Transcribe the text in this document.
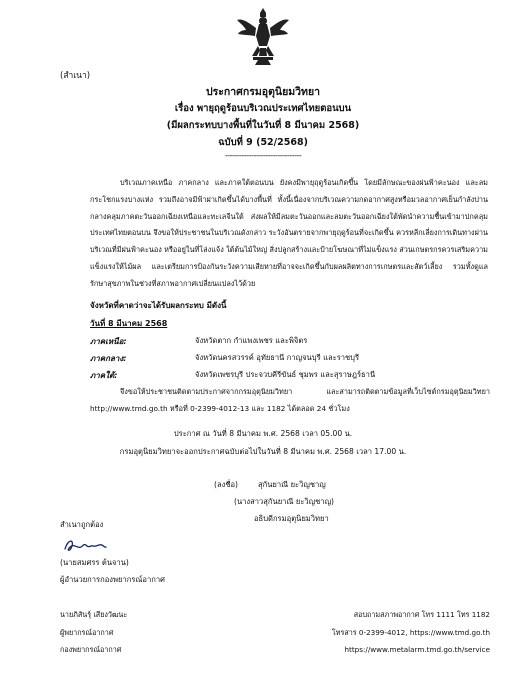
(สำเนา)
ประกาศกรมอุตุนิยมวิทยา
เรื่อง พายุฤดูร้อนบริเวณประเทศไทยตอนบน
(มีผลกระทบบางพื้นที่ในวันที่ 8 มีนาคม 2568)
ฉบับที่ 9 (52/2568)
--------------------------------
บริเวณภาคเหนือ ภาคกลาง และภาคใต้ตอนบน ยังคงมีพายุฤดูร้อนเกิดขึ้น โดยมีลักษณะของฝนฟ้าคะนอง และลมกระโชกแรงบางแห่ง รวมถึงอาจมีฟ้าผ่าเกิดขึ้นได้บางพื้นที่ ทั้งนี้เนื่องจากบริเวณความกดอากาศสูงหรือมวลอากาศเย็นกำลังปานกลางคลุมภาคตะวันออกเฉียงเหนือและทะเลจีนใต้ ส่งผลให้มีลมตะวันออกและลมตะวันออกเฉียงใต้พัดนำความชื้นเข้ามาปกคลุมประเทศไทยตอนบน จึงขอให้ประชาชนในบริเวณดังกล่าว ระวังอันตรายจากพายุฤดูร้อนที่จะเกิดขึ้น ควรหลีกเลี่ยงการเดินทางผ่านบริเวณที่มีฝนฟ้าคะนอง หรืออยู่ในที่โล่งแจ้ง ใต้ต้นไม้ใหญ่ สิ่งปลูกสร้างและป้ายโฆษณาที่ไม่แข็งแรง ส่วนเกษตรกรควรเสริมความแข็งแรงให้ไม้ผล และเตรียมการป้องกันระวังความเสียหายที่อาจจะเกิดขึ้นกับผลผลิตทางการเกษตรและสัตว์เลี้ยง รวมทั้งดูแลรักษาสุขภาพในช่วงที่สภาพอากาศเปลี่ยนแปลงไว้ด้วย
จังหวัดที่คาดว่าจะได้รับผลกระทบ มีดังนี้
วันที่ 8 มีนาคม 2568
ภาคเหนือ:	จังหวัดตาก กำแพงเพชร และพิจิตร
ภาคกลาง:	จังหวัดนครสวรรค์ อุทัยธานี กาญจนบุรี และราชบุรี
ภาคใต้:	จังหวัดเพชรบุรี ประจวบคีรีขันธ์ ชุมพร และสุราษฎร์ธานี
จึงขอให้ประชาชนติดตามประกาศจากกรมอุตุนิยมวิทยา และสามารถติดตามข้อมูลที่เว็บไซต์กรมอุตุนิยมวิทยา http://www.tmd.go.th หรือที่ 0-2399-4012-13 และ 1182 ได้ตลอด 24 ชั่วโมง
ประกาศ ณ วันที่ 8 มีนาคม พ.ศ. 2568 เวลา 05.00 น.
กรมอุตุนิยมวิทยาจะออกประกาศฉบับต่อไปในวันที่ 8 มีนาคม พ.ศ. 2568 เวลา 17.00 น.
(ลงชื่อ)	สุกันยาณี ยะวิญชาญ
(นางสาวสุกันยาณี ยะวิญชาญ)
อธิบดีกรมอุตุนิยมวิทยา
สำเนาถูกต้อง
(นายสมศรร ต้นจาน)
ผู้อำนวยการกองพยากรณ์อากาศ
นายภิสันรุ์ เสียงวัฒนะ
ผู้พยากรณ์อากาศ
กองพยากรณ์อากาศ
สอบถามสภาพอากาศ โทร 1111 โทร 1182
โทรสาร 0-2399-4012, https://www.tmd.go.th
https://www.metalarm.tmd.go.th/service
